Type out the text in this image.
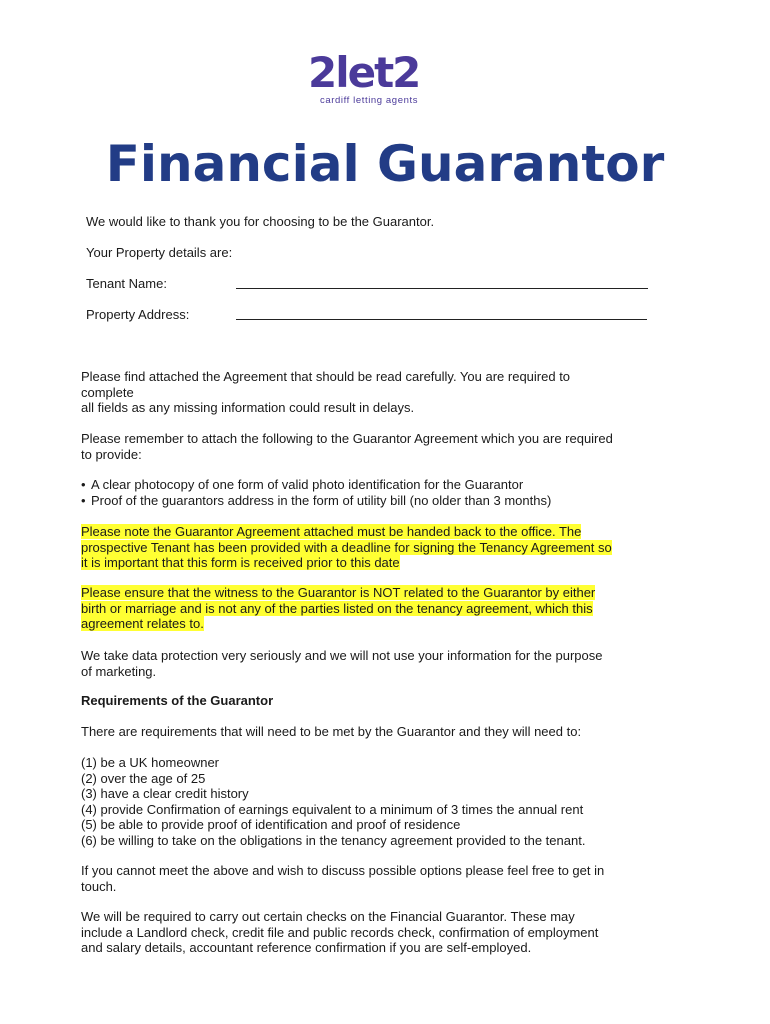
2let2
cardiff letting agents
Financial Guarantor

We would like to thank you for choosing to be the Guarantor.

Your Property details are:

Tenant Name:

Property Address:

Please find attached the Agreement that should be read carefully. You are required to
complete
all fields as any missing information could result in delays.
Please remember to attach the following to the Guarantor Agreement which you are required
to provide:
• A clear photocopy of one form of valid photo identification for the Guarantor
• Proof of the guarantors address in the form of utility bill (no older than 3 months)
Please note the Guarantor Agreement attached must be handed back to the office. The
prospective Tenant has been provided with a deadline for signing the Tenancy Agreement so
it is important that this form is received prior to this date
Please ensure that the witness to the Guarantor is NOT related to the Guarantor by either
birth or marriage and is not any of the parties listed on the tenancy agreement, which this
agreement relates to.
We take data protection very seriously and we will not use your information for the purpose
of marketing.

Requirements of the Guarantor

There are requirements that will need to be met by the Guarantor and they will need to:

(1) be a UK homeowner
(2) over the age of 25
(3) have a clear credit history
(4) provide Confirmation of earnings equivalent to a minimum of 3 times the annual rent
(5) be able to provide proof of identification and proof of residence
(6) be willing to take on the obligations in the tenancy agreement provided to the tenant.
If you cannot meet the above and wish to discuss possible options please feel free to get in
touch.
We will be required to carry out certain checks on the Financial Guarantor. These may
include a Landlord check, credit file and public records check, confirmation of employment
and salary details, accountant reference confirmation if you are self-employed.
